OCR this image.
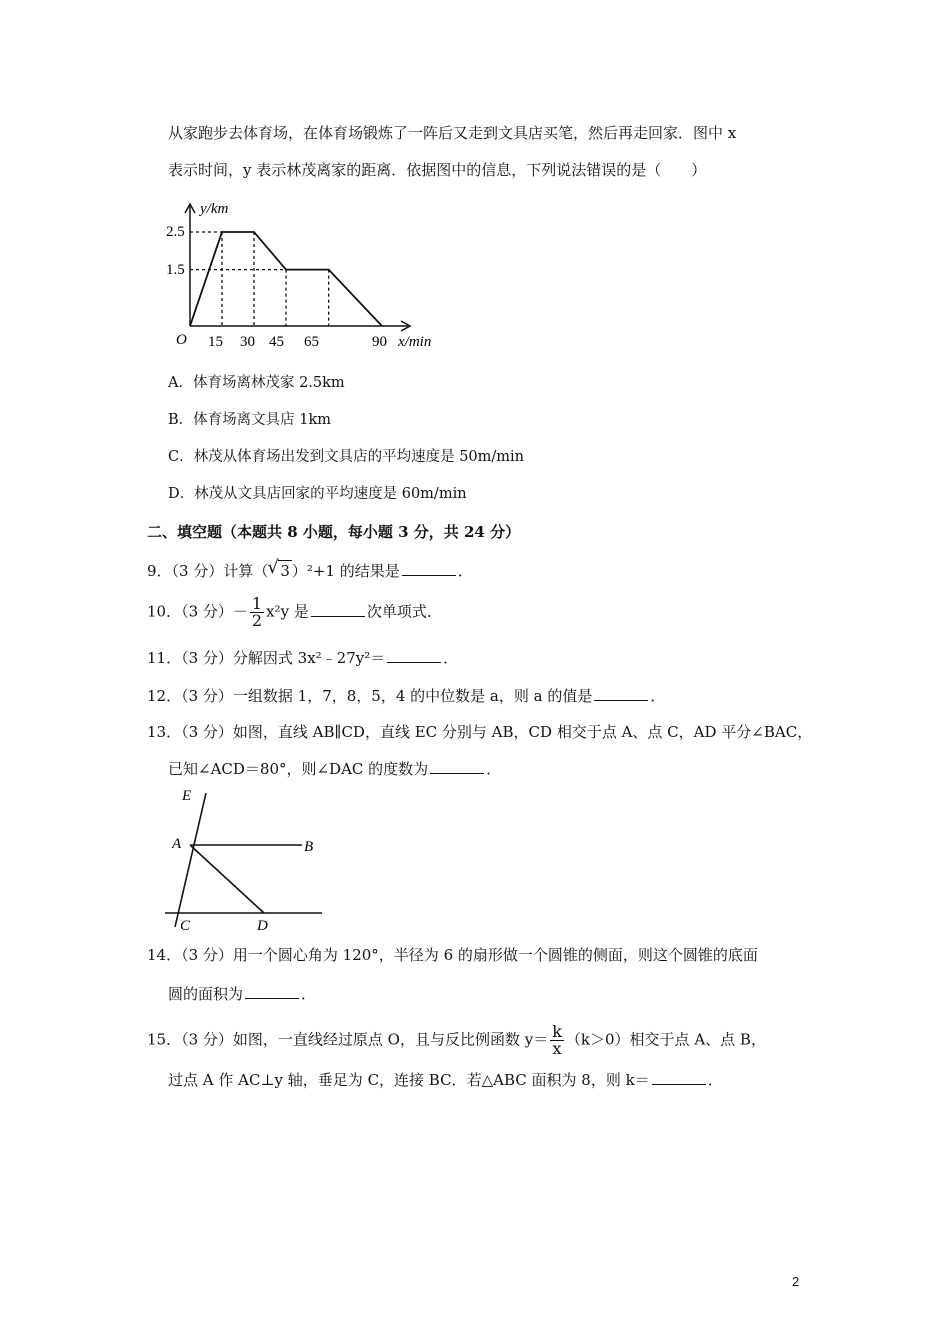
从家跑步去体育场，在体育场锻炼了一阵后又走到文具店买笔，然后再走回家．图中 x
表示时间，y 表示林茂离家的距离．依据图中的信息，下列说法错误的是（　　）
y/km
O	x/min
2.5
1.5
15 30 45 65	90
A．体育场离林茂家 2.5km
B．体育场离文具店 1km
C．林茂从体育场出发到文具店的平均速度是 50m/min
D．林茂从文具店回家的平均速度是 60m/min
二、填空题（本题共 8 小题，每小题 3 分，共 24 分）
9．（3 分）计算（√ 3 ）²+1 的结果是	．
10．（3 分）－ $\frac{1}{2} x^2y$ 是	次单项式．
11．（3 分）分解因式 3x²﹣27y²＝	．
12．（3 分）一组数据 1，7，8，5，4 的中位数是 a，则 a 的值是	．
13．（3 分）如图，直线 AB∥CD，直线 EC 分别与 AB，CD 相交于点 A、点 C，AD 平分∠BAC，
已知∠ACD＝80°，则∠DAC 的度数为	．
E
A	B
C	D
14．（3 分）用一个圆心角为 120°，半径为 6 的扇形做一个圆锥的侧面，则这个圆锥的底面
圆的面积为	．
15．（3 分）如图，一直线经过原点 O，且与反比例函数 $y= \frac{k}{x} (k>0)$相交于点 A、点 B，
过点 A 作 AC⊥y 轴，垂足为 C，连接 BC．若△ABC 面积为 8，则 k＝	．
2
